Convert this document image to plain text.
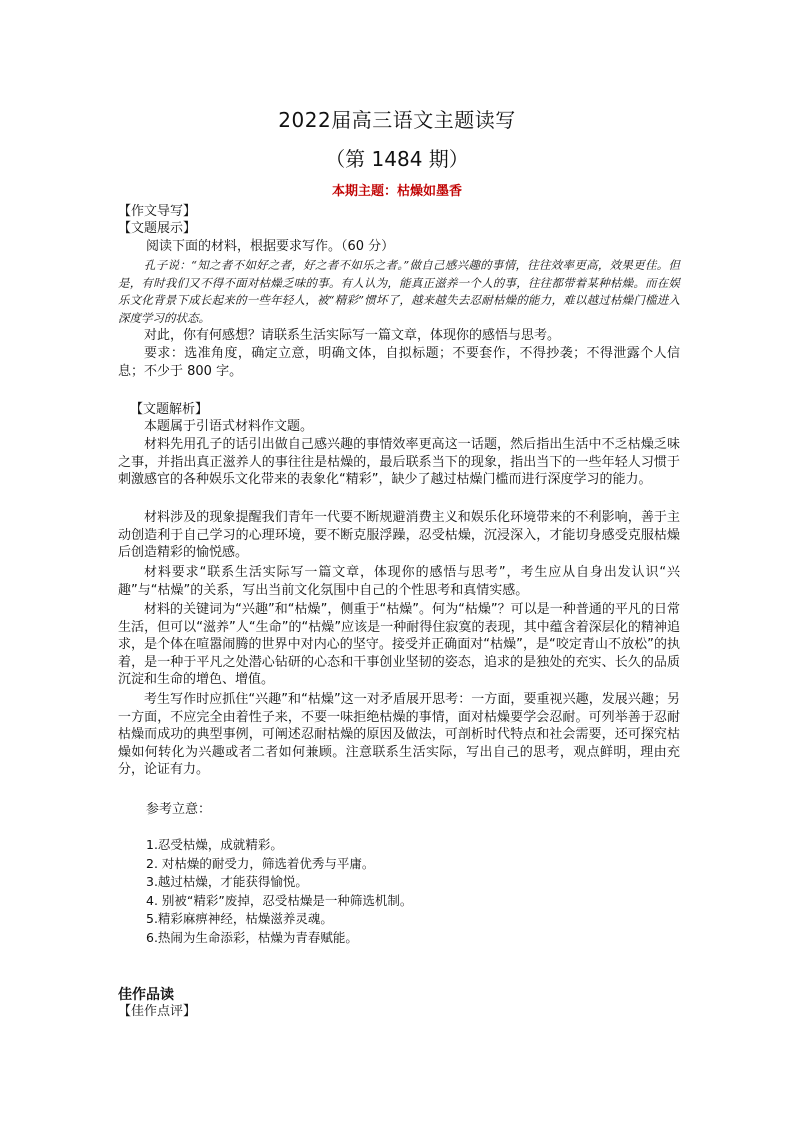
2022届高三语文主题读写
（第 1484 期）
本期主题：枯燥如墨香
【作文导写】
【文题展示】
阅读下面的材料，根据要求写作。（60 分）
孔子说：“知之者不如好之者，好之者不如乐之者。”做自己感兴趣的事情，往往效率更高，效果更佳。但是，有时我们又不得不面对枯燥乏味的事。有人认为，能真正滋养一个人的事，往往都带着某种枯燥。而在娱乐文化背景下成长起来的一些年轻人，被“精彩”惯坏了，越来越失去忍耐枯燥的能力，难以越过枯燥门槛进入深度学习的状态。
对此，你有何感想？请联系生活实际写一篇文章，体现你的感悟与思考。
要求：选准角度，确定立意，明确文体，自拟标题；不要套作，不得抄袭；不得泄露个人信息；不少于 800 字。
【文题解析】
本题属于引语式材料作文题。
材料先用孔子的话引出做自己感兴趣的事情效率更高这一话题，然后指出生活中不乏枯燥乏味之事，并指出真正滋养人的事往往是枯燥的，最后联系当下的现象，指出当下的一些年轻人习惯于刺激感官的各种娱乐文化带来的表象化“精彩”，缺少了越过枯燥门槛而进行深度学习的能力。
材料涉及的现象提醒我们青年一代要不断规避消费主义和娱乐化环境带来的不利影响，善于主动创造利于自己学习的心理环境，要不断克服浮躁，忍受枯燥，沉浸深入，才能切身感受克服枯燥后创造精彩的愉悦感。
材料要求“联系生活实际写一篇文章，体现你的感悟与思考”，考生应从自身出发认识“兴趣”与“枯燥”的关系，写出当前文化氛围中自己的个性思考和真情实感。
材料的关键词为“兴趣”和“枯燥”，侧重于“枯燥”。何为“枯燥”？可以是一种普通的平凡的日常生活，但可以“滋养”人“生命”的“枯燥”应该是一种耐得住寂寞的表现，其中蕴含着深层化的精神追求，是个体在喧嚣闹腾的世界中对内心的坚守。接受并正确面对“枯燥”，是“咬定青山不放松”的执着，是一种于平凡之处潜心钻研的心态和干事创业坚韧的姿态，追求的是独处的充实、长久的品质沉淀和生命的增色、增值。
考生写作时应抓住“兴趣”和“枯燥”这一对矛盾展开思考：一方面，要重视兴趣，发展兴趣；另一方面，不应完全由着性子来，不要一味拒绝枯燥的事情，面对枯燥要学会忍耐。可列举善于忍耐枯燥而成功的典型事例，可阐述忍耐枯燥的原因及做法，可剖析时代特点和社会需要，还可探究枯燥如何转化为兴趣或者二者如何兼顾。注意联系生活实际，写出自己的思考，观点鲜明，理由充分，论证有力。
参考立意：
1.忍受枯燥，成就精彩。
2. 对枯燥的耐受力，筛选着优秀与平庸。
3.越过枯燥，才能获得愉悦。
4. 别被“精彩”废掉，忍受枯燥是一种筛选机制。
5.精彩麻痹神经，枯燥滋养灵魂。
6.热闹为生命添彩，枯燥为青春赋能。
佳作品读
【佳作点评】
